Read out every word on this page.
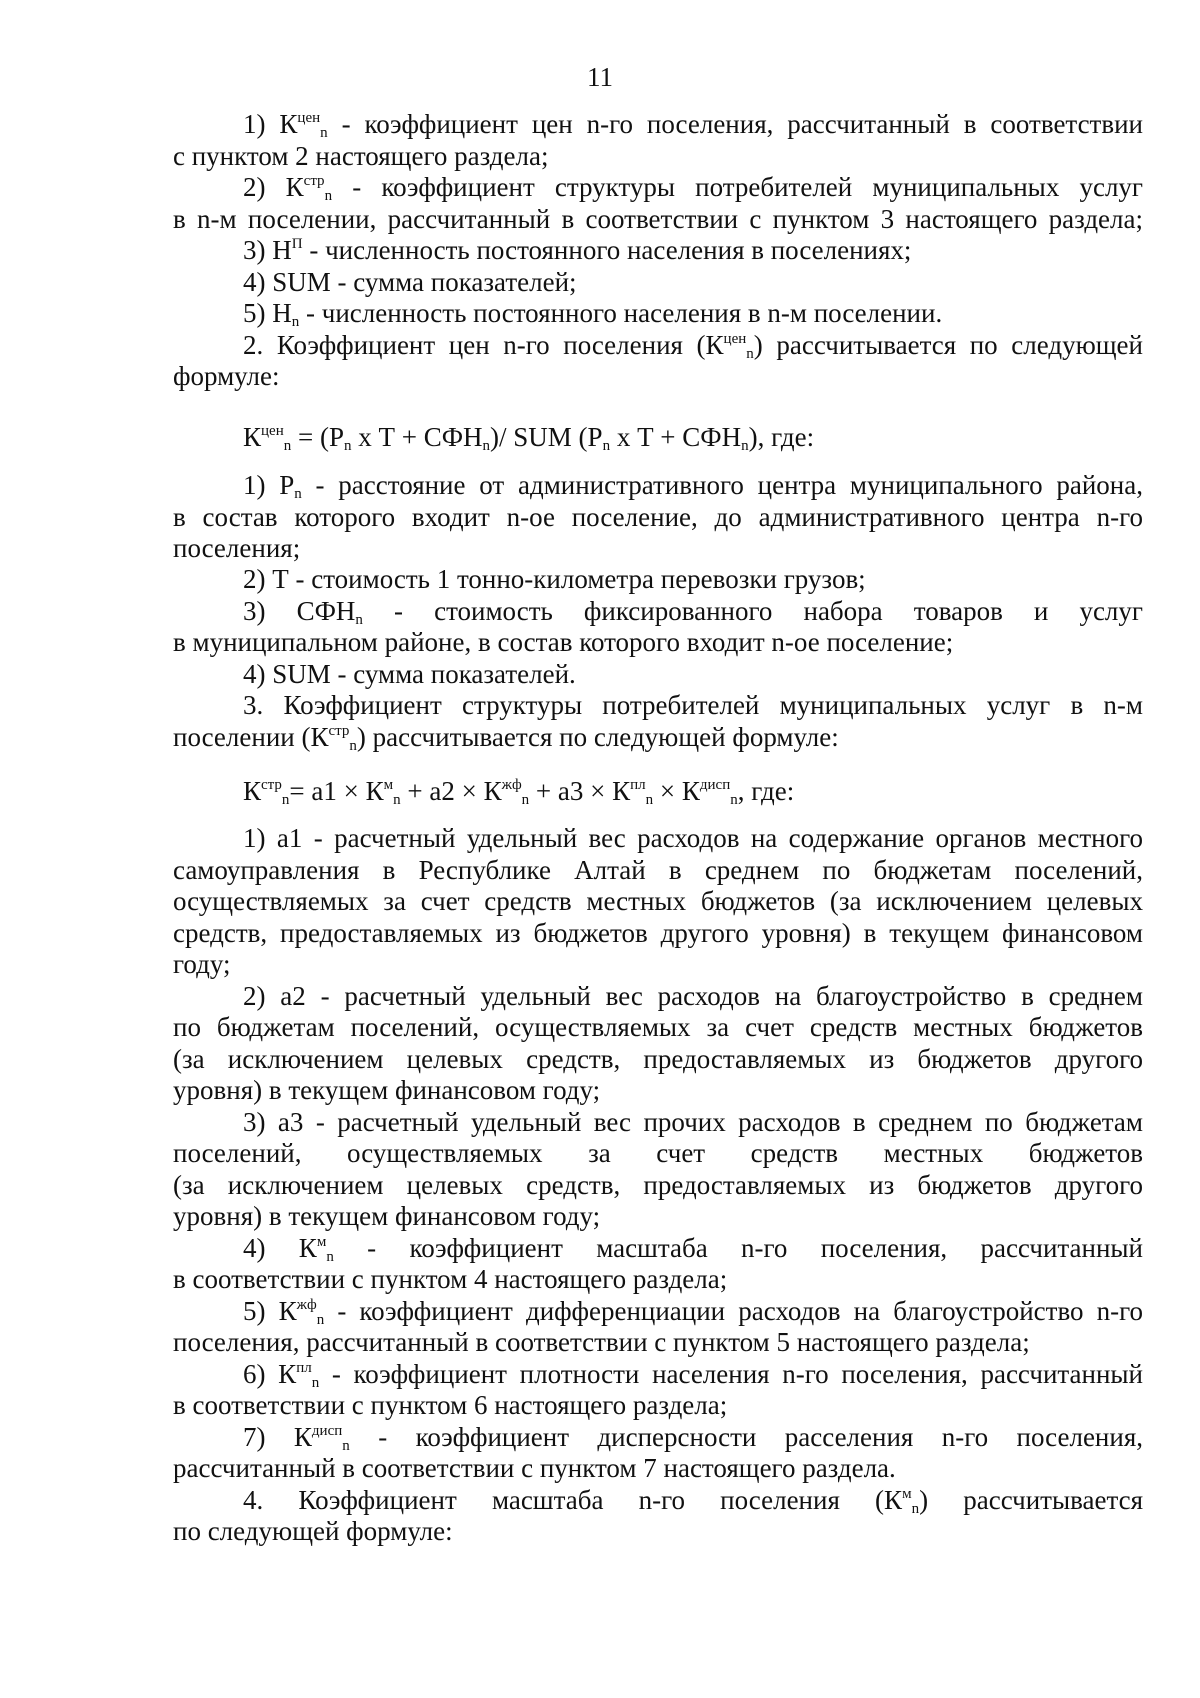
11
1) $К^{цен}_n$ - коэффициент цен n-го поселения, рассчитанный в соответствии
с пунктом 2 настоящего раздела;
2) $К^{стр}_n$ - коэффициент структуры потребителей муниципальных услуг
в n-м поселении, рассчитанный в соответствии с пунктом 3 настоящего раздела;
3) $Н^П$ - численность постоянного населения в поселениях;
4) SUM - сумма показателей;
5) $Н_n$ - численность постоянного населения в n-м поселении.
2. Коэффициент цен n-го поселения $(К^{цен}_n)$ рассчитывается по следующей
формуле:
$К^{цен}_n = (Р_n$ x $Т + СФН_n)/$ SUM ($Р_n$ x $Т + СФН_n$), где:
1) $Р_n$ - расстояние от административного центра муниципального района,
в состав которого входит n-ое поселение, до административного центра n-го
поселения;
2) Т - стоимость 1 тонно-километра перевозки грузов;
3) $СФН_n$ - стоимость фиксированного набора товаров и услуг
в муниципальном районе, в состав которого входит n-ое поселение;
4) SUM - сумма показателей.
3. Коэффициент структуры потребителей муниципальных услуг в n-м
поселении $(К^{стр}_n)$ рассчитывается по следующей формуле:
$К^{стр}_n= a1 \times К^м_n + a2 \times К^{жф}_n + a3 \times К^{пл}_n \times К^{дисп}_n$, где:
1) a1 - расчетный удельный вес расходов на содержание органов местного
самоуправления в Республике Алтай в среднем по бюджетам поселений,
осуществляемых за счет средств местных бюджетов (за исключением целевых
средств, предоставляемых из бюджетов другого уровня) в текущем финансовом
году;
2) a2 - расчетный удельный вес расходов на благоустройство в среднем
по бюджетам поселений, осуществляемых за счет средств местных бюджетов
(за исключением целевых средств, предоставляемых из бюджетов другого
уровня) в текущем финансовом году;
3) a3 - расчетный удельный вес прочих расходов в среднем по бюджетам
поселений, осуществляемых за счет средств местных бюджетов
(за исключением целевых средств, предоставляемых из бюджетов другого
уровня) в текущем финансовом году;
4) $К^м_n$ - коэффициент масштаба n-го поселения, рассчитанный
в соответствии с пунктом 4 настоящего раздела;
5) $К^{жф}_n$ - коэффициент дифференциации расходов на благоустройство n-го
поселения, рассчитанный в соответствии с пунктом 5 настоящего раздела;
6) $К^{пл}_n$ - коэффициент плотности населения n-го поселения, рассчитанный
в соответствии с пунктом 6 настоящего раздела;
7) $К^{дисп}_n$ - коэффициент дисперсности расселения n-го поселения,
рассчитанный в соответствии с пунктом 7 настоящего раздела.
4. Коэффициент масштаба n-го поселения $(К^м_n)$ рассчитывается
по следующей формуле:
